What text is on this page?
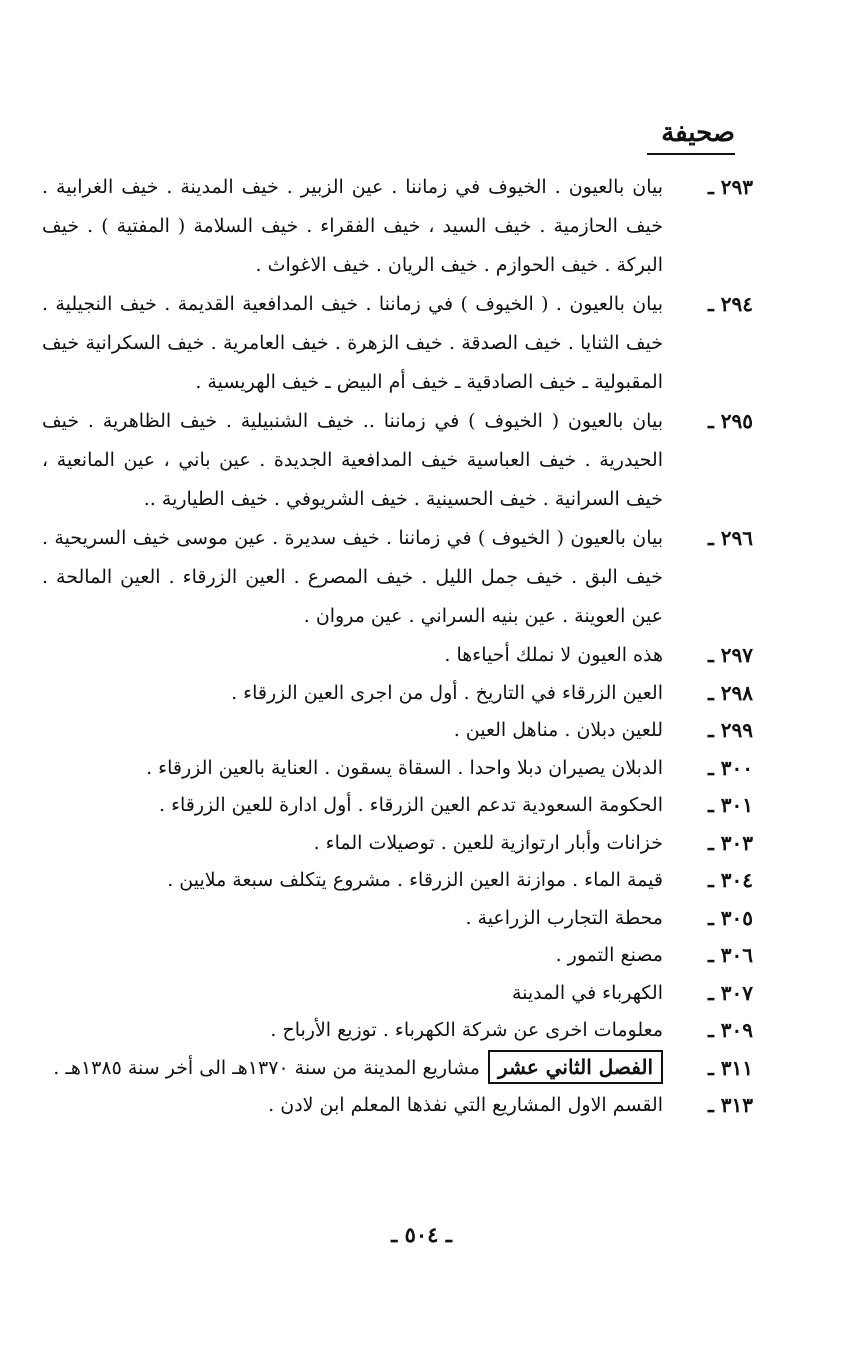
صحيفة
٢٩٣ ـ
بيان بالعيون . الخيوف في زماننا . عين الزبير . خيف المدينة . خيف الغرابية . خيف الحازمية . خيف السيد ، خيف الفقراء . خيف السلامة ( المفتية ) . خيف البركة . خيف الحوازم . خيف الريان . خيف الاغواث .
٢٩٤ ـ
بيان بالعيون . ( الخيوف ) في زماننا . خيف المدافعية القديمة . خيف النجيلية . خيف الثنايا . خيف الصدقة . خيف الزهرة . خيف العامرية . خيف السكرانية خيف المقبولية ـ خيف الصادقية ـ خيف أم البيض ـ خيف الهريسية .
٢٩٥ ـ
بيان بالعيون ( الخيوف ) في زماننا .. خيف الشنبيلية . خيف الظاهرية . خيف الحيدرية . خيف العباسية خيف المدافعية الجديدة . عين باني ، عين المانعية ، خيف السرانية . خيف الحسينية . خيف الشريوفي . خيف الطيارية ..
٢٩٦ ـ
بيان بالعيون ( الخيوف ) في زماننا . خيف سديرة . عين موسى خيف السريحية . خيف البق . خيف جمل الليل . خيف المصرع . العين الزرقاء . العين المالحة . عين العوينة . عين بنيه السراني . عين مروان .
٢٩٧ ـ
هذه العيون لا نملك أحياءها .
٢٩٨ ـ
العين الزرقاء في التاريخ . أول من اجرى العين الزرقاء .
٢٩٩ ـ
للعين دبلان . مناهل العين .
٣٠٠ ـ
الدبلان يصيران دبلا واحدا . السقاة يسقون . العناية بالعين الزرقاء .
٣٠١ ـ
الحكومة السعودية تدعم العين الزرقاء . أول ادارة للعين الزرقاء .
٣٠٣ ـ
خزانات وأبار ارتوازية للعين . توصيلات الماء .
٣٠٤ ـ
قيمة الماء . موازنة العين الزرقاء . مشروع يتكلف سبعة ملايين .
٣٠٥ ـ
محطة التجارب الزراعية .
٣٠٦ ـ
مصنع التمور .
٣٠٧ ـ
الكهرباء في المدينة
٣٠٩ ـ
معلومات اخرى عن شركة الكهرباء . توزيع الأرباح .
٣١١ ـ
الفصل الثاني عشرمشاريع المدينة من سنة ١٣٧٠هـ الى أخر سنة ١٣٨٥هـ .
٣١٣ ـ
القسم الاول المشاريع التي نفذها المعلم ابن لادن .
ـ ٥٠٤ ـ
